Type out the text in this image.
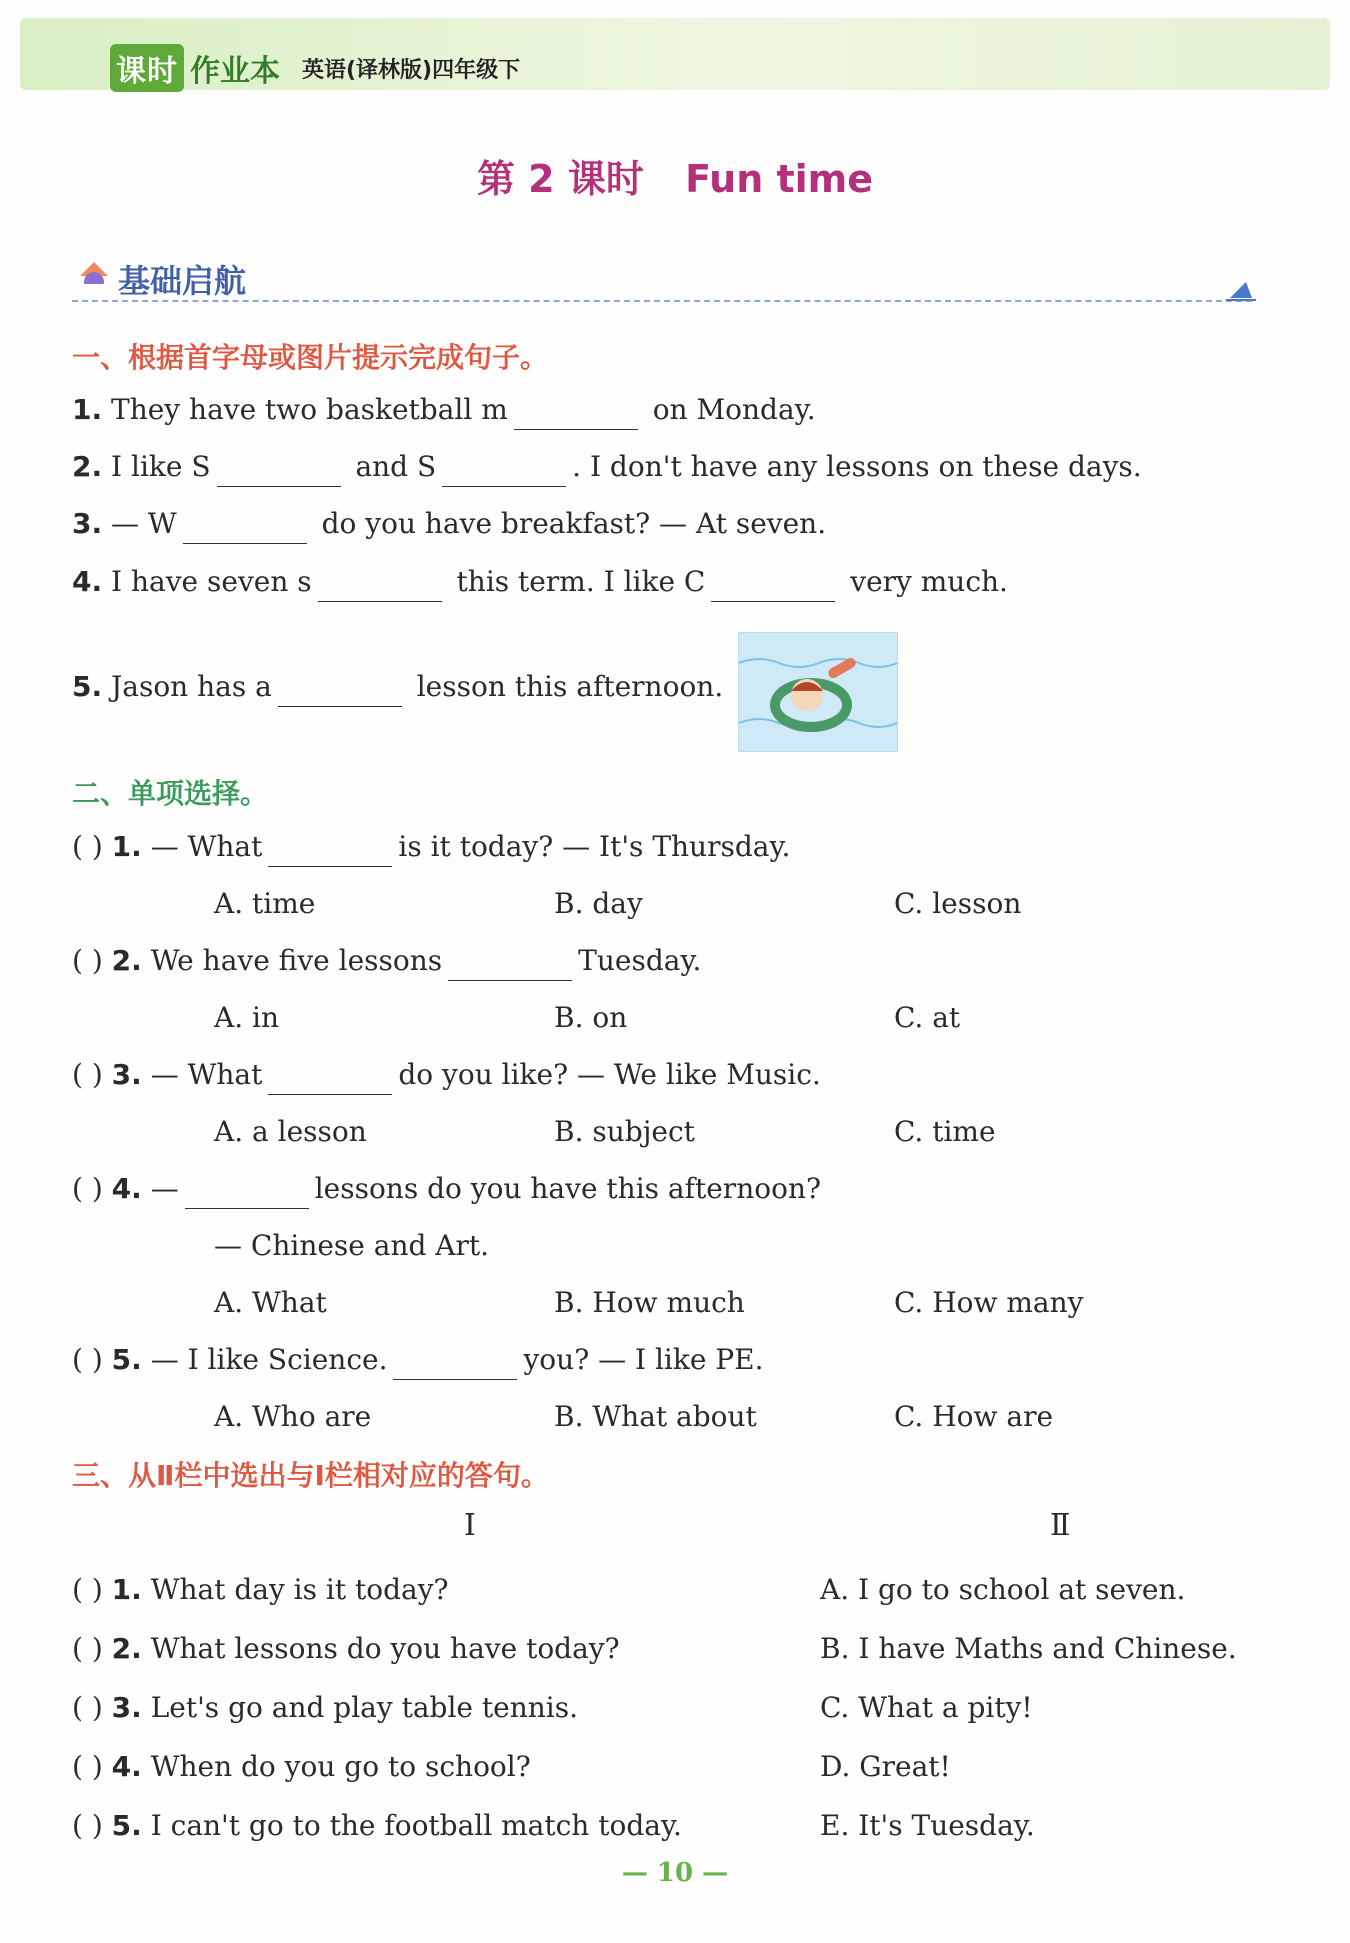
课时 作业本 英语(译林版)四年级下
第 2 课时 Fun time
基础启航
一、根据首字母或图片提示完成句子。
1. They have two basketball m	on Monday.
2. I like S	and S	. I don't have any lessons on these days.
3. — W	do you have breakfast? — At seven.
4. I have seven s	this term. I like C	very much.
5. Jason has a	lesson this afternoon.
二、单项选择。
( ) 1. — What	is it today? — It's Thursday.
A. time	B. day	C. lesson
( ) 2. We have five lessons	Tuesday.
A. in	B. on	C. at
( ) 3. — What	do you like? — We like Music.
A. a lesson	B. subject	C. time
( ) 4. —	lessons do you have this afternoon?
— Chinese and Art.
A. What	B. How much	C. How many
( ) 5. — I like Science.	you? — I like PE.
A. Who are	B. What about	C. How are
三、从Ⅱ栏中选出与Ⅰ栏相对应的答句。
Ⅰ	Ⅱ
( ) 1. What day is it today?	A. I go to school at seven.
( ) 2. What lessons do you have today?	B. I have Maths and Chinese.
( ) 3. Let's go and play table tennis.	C. What a pity!
( ) 4. When do you go to school?	D. Great!
( ) 5. I can't go to the football match today.	E. It's Tuesday.
— 10 —
